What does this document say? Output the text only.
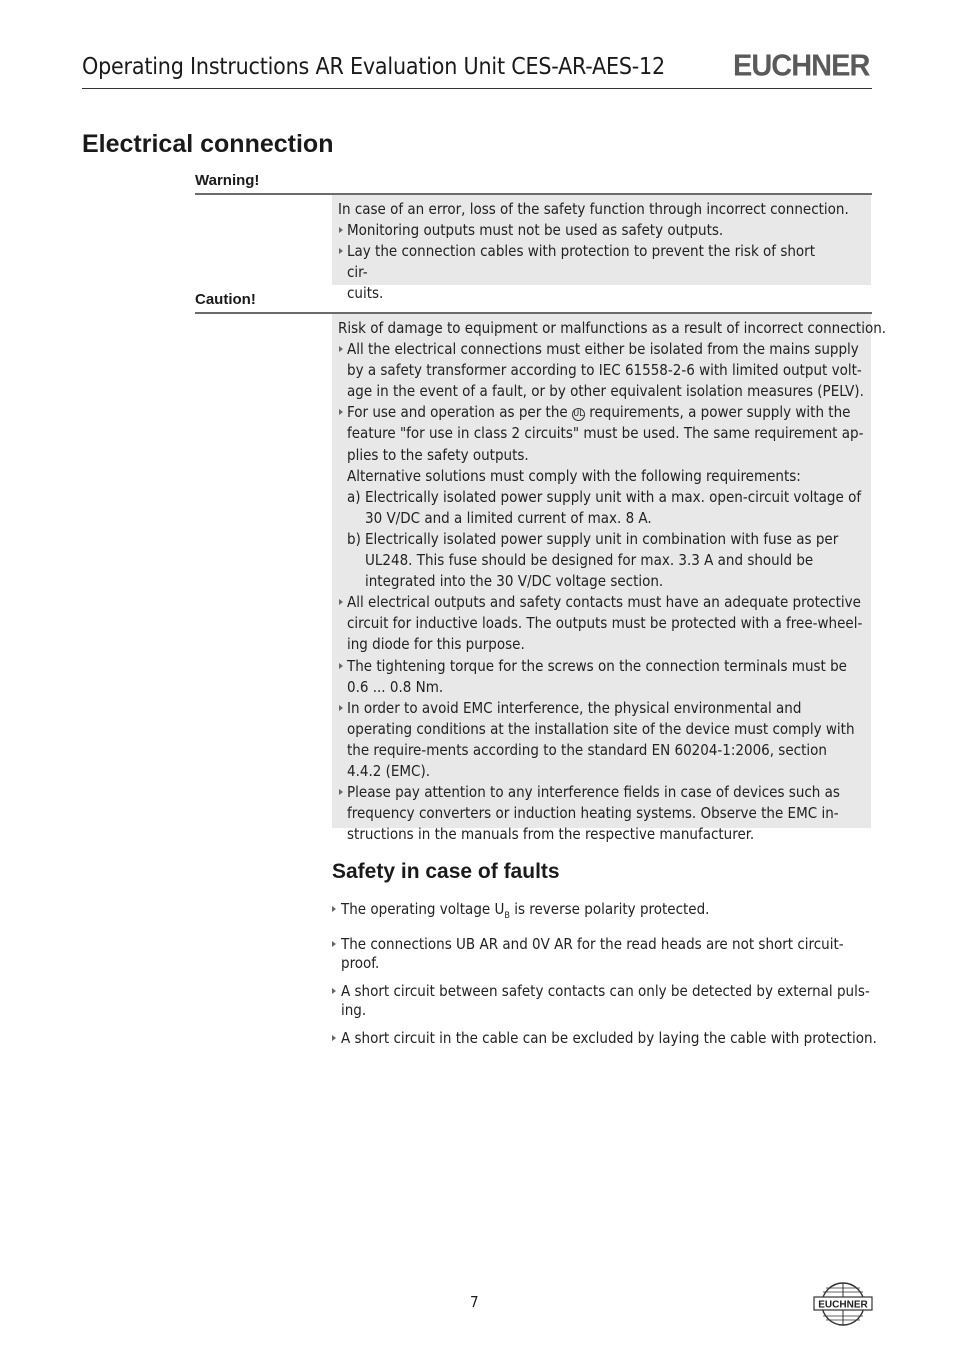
Operating Instructions AR Evaluation Unit CES-AR-AES-12 EUCHNER
Electrical connection
Warning!

In case of an error, loss of the safety function through incorrect connection.

Monitoring outputs must not be used as safety outputs.

Lay the connection cables with protection to prevent the risk of short cir-
cuits.

Caution!

Risk of damage to equipment or malfunctions as a result of incorrect connection.

All the electrical connections must either be isolated from the mains supply by a safety transformer according to IEC 61558-2-6 with limited output volt-age in the event of a fault, or by other equivalent isolation measures (PELV).

For use and operation as per the UL requirements, a power supply with the feature "for use in class 2 circuits" must be used. The same requirement ap-plies to the safety outputs.

Alternative solutions must comply with the following requirements:

a) Electrically isolated power supply unit with a max. open-circuit voltage of 30 V/DC and a limited current of max. 8 A.

b) Electrically isolated power supply unit in combination with fuse as per UL248. This fuse should be designed for max. 3.3 A and should be integrated into the 30 V/DC voltage section.

All electrical outputs and safety contacts must have an adequate protective circuit for inductive loads. The outputs must be protected with a free-wheel-ing diode for this purpose.

The tightening torque for the screws on the connection terminals must be 0.6 ... 0.8 Nm.

In order to avoid EMC interference, the physical environmental and operating conditions at the installation site of the device must comply with the require-ments according to the standard EN 60204-1:2006, section 4.4.2 (EMC).

Please pay attention to any interference fields in case of devices such as frequency converters or induction heating systems. Observe the EMC in-structions in the manuals from the respective manufacturer.

Safety in case of faults

The operating voltage $U_B$ is reverse polarity protected.

The connections UB AR and 0V AR for the read heads are not short circuit-proof.

A short circuit between safety contacts can only be detected by external puls-ing.

A short circuit in the cable can be excluded by laying the cable with protection.

7	EUCHNER
